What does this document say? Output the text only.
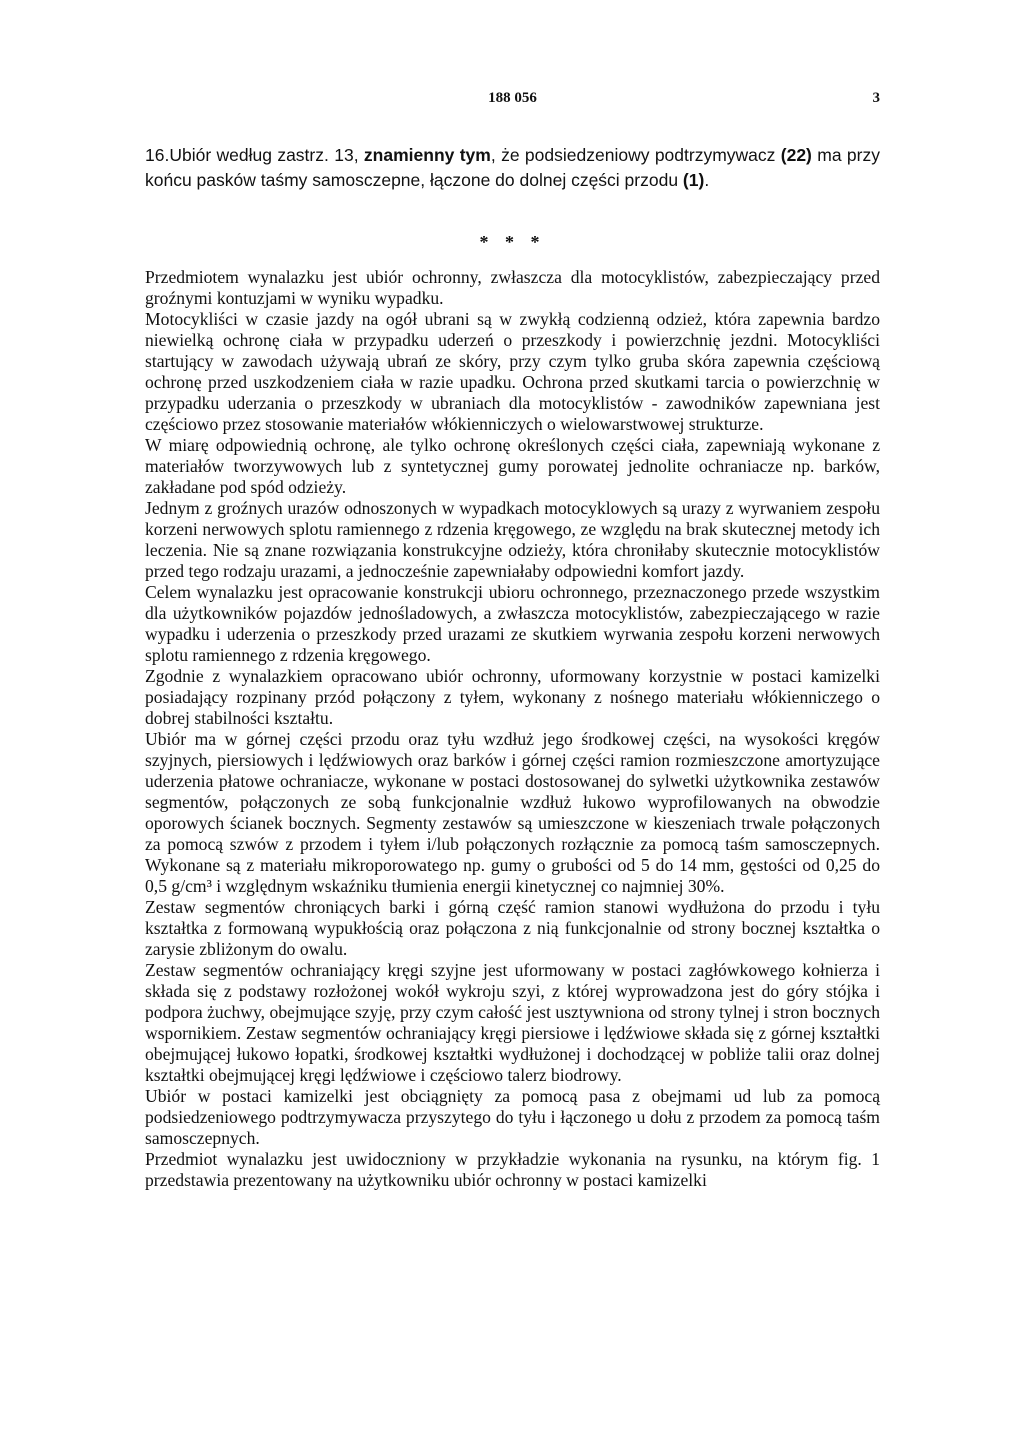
188 056	3
16.Ubiór według zastrz. 13, znamienny tym, że podsiedzeniowy podtrzymywacz (22) ma przy końcu pasków taśmy samosczepne, łączone do dolnej części przodu (1).
* * *

Przedmiotem wynalazku jest ubiór ochronny, zwłaszcza dla motocyklistów, zabezpieczający przed groźnymi kontuzjami w wyniku wypadku.

Motocykliści w czasie jazdy na ogół ubrani są w zwykłą codzienną odzież, która zapewnia bardzo niewielką ochronę ciała w przypadku uderzeń o przeszkody i powierzchnię jezdni. Motocykliści startujący w zawodach używają ubrań ze skóry, przy czym tylko gruba skóra zapewnia częściową ochronę przed uszkodzeniem ciała w razie upadku. Ochrona przed skutkami tarcia o powierzchnię w przypadku uderzania o przeszkody w ubraniach dla motocyklistów - zawodników zapewniana jest częściowo przez stosowanie materiałów włókienniczych o wielowarstwowej strukturze.

W miarę odpowiednią ochronę, ale tylko ochronę określonych części ciała, zapewniają wykonane z materiałów tworzywowych lub z syntetycznej gumy porowatej jednolite ochraniacze np. barków, zakładane pod spód odzieży.

Jednym z groźnych urazów odnoszonych w wypadkach motocyklowych są urazy z wyrwaniem zespołu korzeni nerwowych splotu ramiennego z rdzenia kręgowego, ze względu na brak skutecznej metody ich leczenia. Nie są znane rozwiązania konstrukcyjne odzieży, która chroniłaby skutecznie motocyklistów przed tego rodzaju urazami, a jednocześnie zapewniałaby odpowiedni komfort jazdy.

Celem wynalazku jest opracowanie konstrukcji ubioru ochronnego, przeznaczonego przede wszystkim dla użytkowników pojazdów jednośladowych, a zwłaszcza motocyklistów, zabezpieczającego w razie wypadku i uderzenia o przeszkody przed urazami ze skutkiem wyrwania zespołu korzeni nerwowych splotu ramiennego z rdzenia kręgowego.

Zgodnie z wynalazkiem opracowano ubiór ochronny, uformowany korzystnie w postaci kamizelki posiadający rozpinany przód połączony z tyłem, wykonany z nośnego materiału włókienniczego o dobrej stabilności kształtu.

Ubiór ma w górnej części przodu oraz tyłu wzdłuż jego środkowej części, na wysokości kręgów szyjnych, piersiowych i lędźwiowych oraz barków i górnej części ramion rozmieszczone amortyzujące uderzenia płatowe ochraniacze, wykonane w postaci dostosowanej do sylwetki użytkownika zestawów segmentów, połączonych ze sobą funkcjonalnie wzdłuż łukowo wyprofilowanych na obwodzie oporowych ścianek bocznych. Segmenty zestawów są umieszczone w kieszeniach trwale połączonych za pomocą szwów z przodem i tyłem i/lub połączonych rozłącznie za pomocą taśm samosczepnych. Wykonane są z materiału mikroporowatego np. gumy o grubości od 5 do 14 mm, gęstości od 0,25 do 0,5 g/cm³ i względnym wskaźniku tłumienia energii kinetycznej co najmniej 30%.

Zestaw segmentów chroniących barki i górną część ramion stanowi wydłużona do przodu i tyłu kształtka z formowaną wypukłością oraz połączona z nią funkcjonalnie od strony bocznej kształtka o zarysie zbliżonym do owalu.

Zestaw segmentów ochraniający kręgi szyjne jest uformowany w postaci zagłówkowego kołnierza i składa się z podstawy rozłożonej wokół wykroju szyi, z której wyprowadzona jest do góry stójka i podpora żuchwy, obejmujące szyję, przy czym całość jest usztywniona od strony tylnej i stron bocznych wspornikiem. Zestaw segmentów ochraniający kręgi piersiowe i lędźwiowe składa się z górnej kształtki obejmującej łukowo łopatki, środkowej kształtki wydłużonej i dochodzącej w pobliże talii oraz dolnej kształtki obejmującej kręgi lędźwiowe i częściowo talerz biodrowy.

Ubiór w postaci kamizelki jest obciągnięty za pomocą pasa z obejmami ud lub za pomocą podsiedzeniowego podtrzymywacza przyszytego do tyłu i łączonego u dołu z przodem za pomocą taśm samosczepnych.

Przedmiot wynalazku jest uwidoczniony w przykładzie wykonania na rysunku, na którym fig. 1 przedstawia prezentowany na użytkowniku ubiór ochronny w postaci kamizelki
